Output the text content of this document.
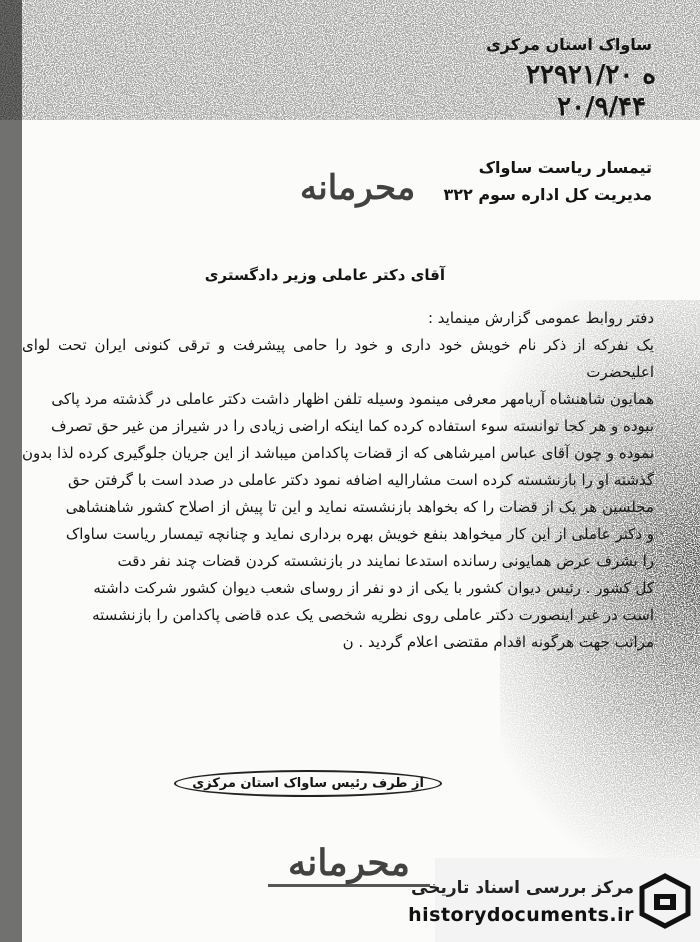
ساواک استان مرکزی
۲۲۹۲۱/ه ۲۰
۲۰/۹/۴۴
تیمسار ریاست ساواک
مدیریت کل اداره سوم ۳۲۲
محرمانه
آقای دکتر عاملی وزیر دادگستری

دفتر روابط عمومی گزارش مینماید :

یک نفرکه از ذکر نام خویش خود داری و خود را حامی پیشرفت و ترقی کنونی ایران تحت لوای اعلیحضرت

همایون شاهنشاه آریامهر معرفی مینمود وسیله تلفن اظهار داشت دکتر عاملی در گذشته مرد پاکی

نبوده و هر کجا توانسته سوء استفاده کرده کما اینکه اراضی زیادی را در شیراز من غیر حق تصرف

نموده و چون آقای عباس امیرشاهی که از قضات پاکدامن میباشد از این جریان جلوگیری کرده لذا بدون

گذشته او را بازنشسته کرده است مشارالیه اضافه نمود دکتر عاملی در صدد است با گرفتن حق

مجلسین هر یک از قضات را که بخواهد بازنشسته نماید و این تا پیش از اصلاح کشور شاهنشاهی

و دکتر عاملی از این کار میخواهد بنفع خویش بهره برداری نماید و چنانچه تیمسار ریاست ساواک

را بشرف عرض همایونی رسانده استدعا نمایند در بازنشسته کردن قضات چند نفر دقت

کل کشور . رئیس دیوان کشور با یکی از دو نفر از روسای شعب دیوان کشور شرکت داشته

است در غیر اینصورت دکتر عاملی روی نظریه شخصی یک عده قاضی پاکدامن را بازنشسته

مراتب جهت هرگونه اقدام مقتضی اعلام گردید . ن

از طرف رئیس ساواک استان مرکزی
محرمانه
مرکز بررسی اسناد تاریخی
historydocuments.ir
